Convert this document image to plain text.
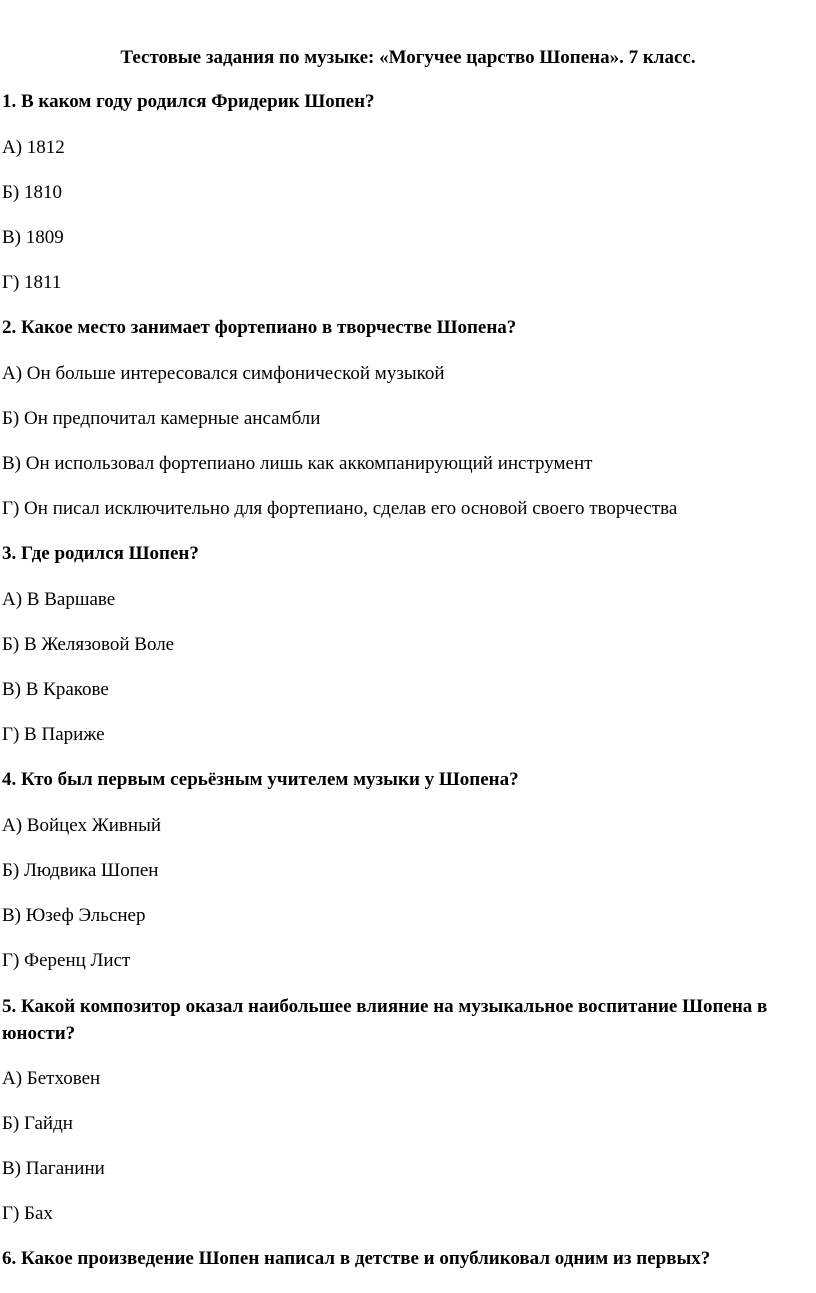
Тестовые задания по музыке: «Могучее царство Шопена». 7 класс.
1. В каком году родился Фридерик Шопен?
А) 1812
Б) 1810
В) 1809
Г) 1811
2. Какое место занимает фортепиано в творчестве Шопена?
А) Он больше интересовался симфонической музыкой
Б) Он предпочитал камерные ансамбли
В) Он использовал фортепиано лишь как аккомпанирующий инструмент
Г) Он писал исключительно для фортепиано, сделав его основой своего творчества
3. Где родился Шопен?
А) В Варшаве
Б) В Желязовой Воле
В) В Кракове
Г) В Париже
4. Кто был первым серьёзным учителем музыки у Шопена?
А) Войцех Живный
Б) Людвика Шопен
В) Юзеф Эльснер
Г) Ференц Лист
5. Какой композитор оказал наибольшее влияние на музыкальное воспитание Шопена в юности?
А) Бетховен
Б) Гайдн
В) Паганини
Г) Бах
6. Какое произведение Шопен написал в детстве и опубликовал одним из первых?
